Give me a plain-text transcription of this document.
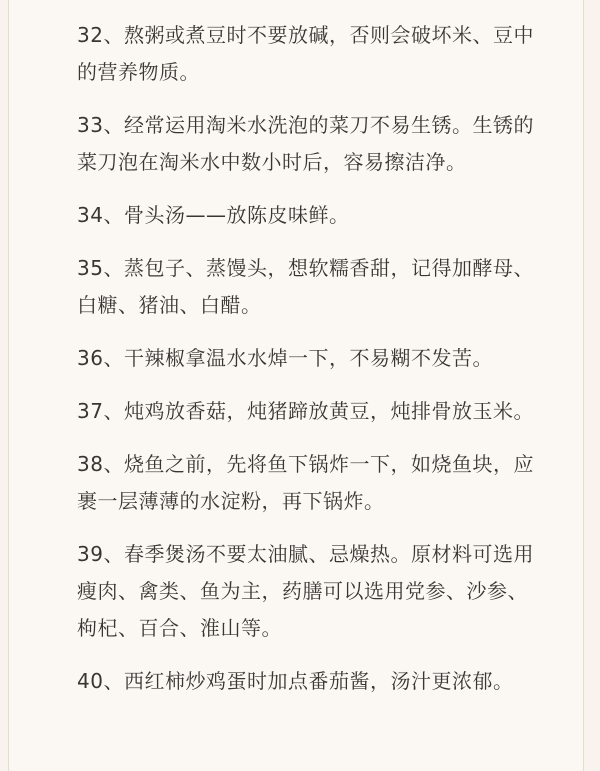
32、熬粥或煮豆时不要放碱，否则会破坏米、豆中的营养物质。
33、经常运用淘米水洗泡的菜刀不易生锈。生锈的菜刀泡在淘米水中数小时后，容易擦洁净。
34、骨头汤——放陈皮味鲜。
35、蒸包子、蒸馒头，想软糯香甜，记得加酵母、白糖、猪油、白醋。
36、干辣椒拿温水水焯一下，不易糊不发苦。
37、炖鸡放香菇，炖猪蹄放黄豆，炖排骨放玉米。
38、烧鱼之前，先将鱼下锅炸一下，如烧鱼块，应裹一层薄薄的水淀粉，再下锅炸。
39、春季煲汤不要太油腻、忌燥热。原材料可选用瘦肉、禽类、鱼为主，药膳可以选用党参、沙参、枸杞、百合、淮山等。
40、西红柿炒鸡蛋时加点番茄酱，汤汁更浓郁。
